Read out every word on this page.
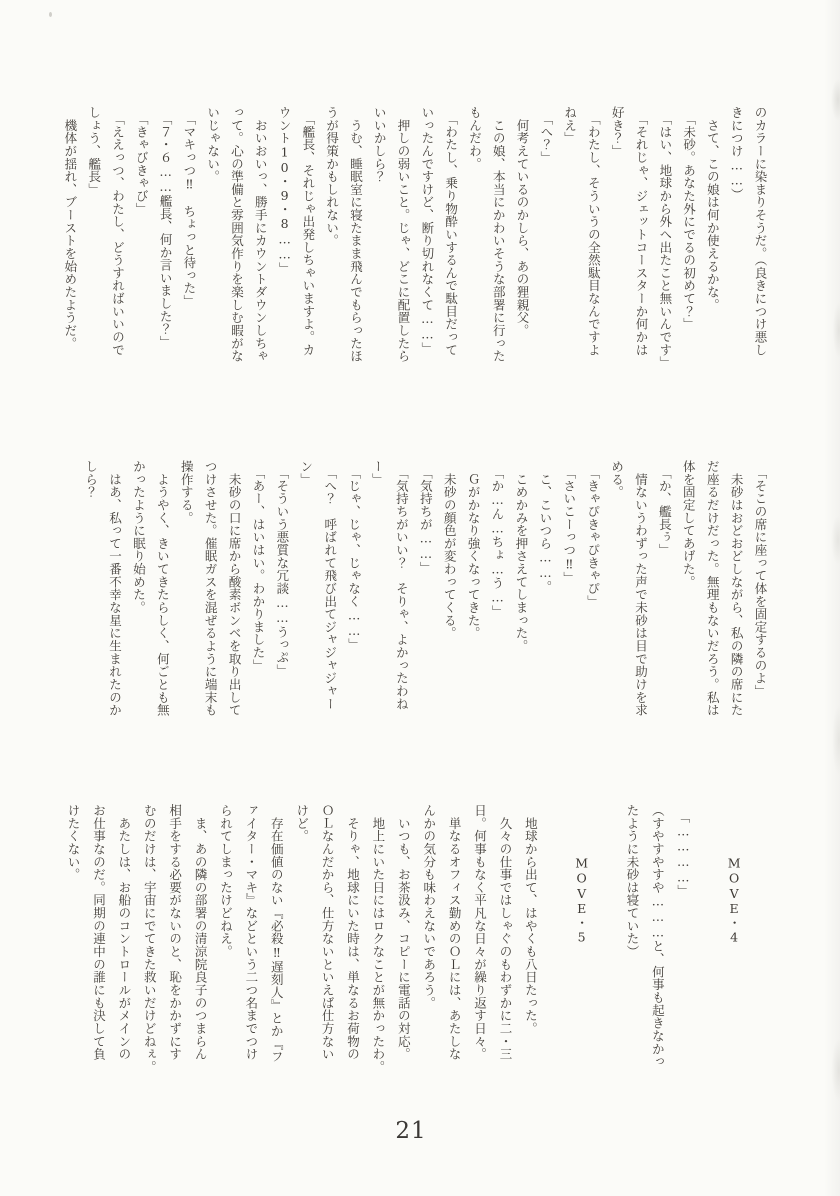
のカラーに染まりそうだ。（良きにつけ悪し

きにつけ……）

　さて、この娘は何か使えるかな。

　「未砂。あなた外にでるの初めて？」

　「はい、地球から外へ出たこと無いんです」

　「それじゃ、ジェットコースターか何かは

好き？」

　「わたし、そういうの全然駄目なんですよ

ねえ」

　「へ？」

　何考えているのかしら、あの狸親父。

　この娘、本当にかわいそうな部署に行った

もんだわ。

　「わたし、乗り物酔いするんで駄目だって

いったんですけど、断り切れなくて……」

　押しの弱いこと。じゃ、どこに配置したら

いいかしら？

　うむ、睡眠室に寝たまま飛んでもらったほ

うが得策かもしれない。

　「艦長、それじゃ出発しちゃいますよ。カ

ウント10・9・8……」

　おいおいっ、勝手にカウントダウンしちゃ

って。心の準備と雰囲気作りを楽しむ暇がな

いじゃない。

　「マキっつ‼　ちょっと待った」

　「７・６……艦長、何か言いました？」

　「きゃびきゃび」

　「ええっつ、わたし、どうすればいいので

しょう、艦長」

　機体が揺れ、ブーストを始めたようだ。

　「そこの席に座って体を固定するのよ」

　未砂はおどおどしながら、私の隣の席にた

だ座るだけだった。無理もないだろう。私は

体を固定してあげた。

　「か、艦長ぅ」

　情ないうわずった声で未砂は目で助けを求

める。

　「きゃぴきゃぴきゃぴ」

　「さいこーっつ‼」

　こ、こいつら……。

　こめかみを押さえてしまった。

　「か…ん…ちょ…う…」

　Ｇがかなり強くなってきた。

　未砂の顔色が変わってくる。

　「気持ちが……」

　「気持ちがいい？　そりゃ、よかったわね

ー」

　「じゃ、じゃ、じゃなく……」

　「へ？　呼ばれて飛び出てジャジャジャー

ン」

　「そういう悪質な冗談……うっぷ」

　「あー、はいはい。わかりました」

　未砂の口に席から酸素ボンベを取り出して

つけさせた。催眠ガスを混ぜるように端末も

操作する。

　ようやく、きいてきたらしく、何ごとも無

かったように眠り始めた。

　はあ、私って一番不幸な星に生まれたのか

しら？

　　　　MOVE・4

　「…………」

（すやすやすや………と、何事も起きなかっ

たように未砂は寝ていた）

　　　　MOVE・5

　地球から出て、はやくも八日たった。

　久々の仕事ではしゃぐのもわずかに二・三

日。何事もなく平凡な日々が繰り返す日々。

　単なるオフィス勤めのＯＬには、あたしな

んかの気分も味わえないであろう。

　いつも、お茶汲み、コピーに電話の対応。

　地上にいた日にはロクなことが無かったわ。

　そりゃ、地球にいた時は、単なるお荷物の

ＯＬなんだから、仕方ないといえば仕方ない

けど。

　存在価値のない『必殺‼遅刻人』とか『フ

ァイター・マキ』などという二つ名までつけ

られてしまったけどねえ。

　ま、あの隣の部署の清涼院良子のつまらん

相手をする必要がないのと、恥をかかずにす

むのだけは、宇宙にでてきた救いだけどねぇ。

　あたしは、お船のコントロールがメインの

お仕事なのだ。同期の連中の誰にも決して負

けたくない。

21
